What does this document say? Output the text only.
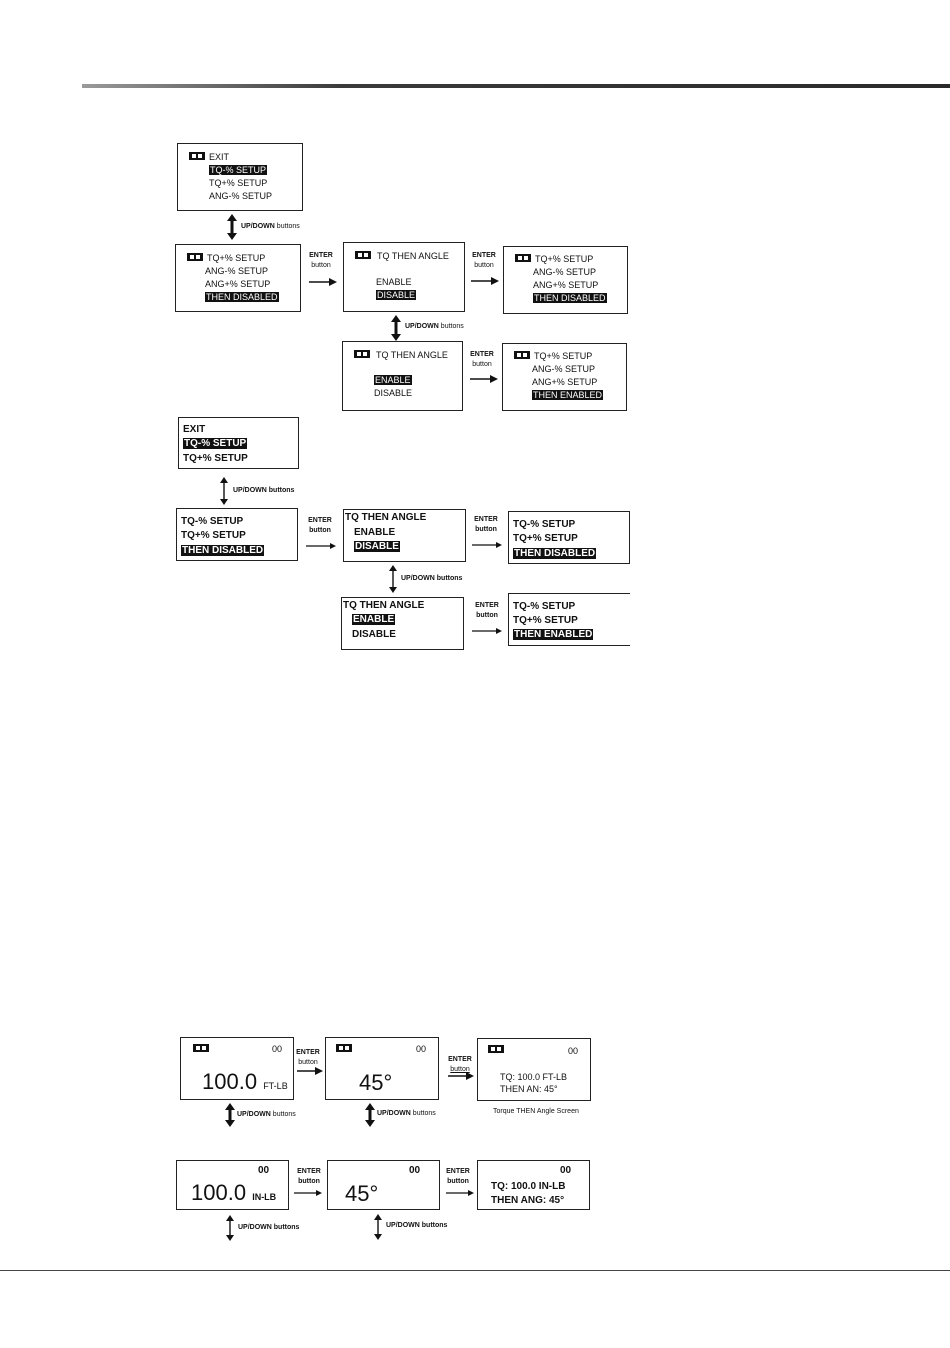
EXIT
TQ-% SETUP
TQ+% SETUP
ANG-% SETUP
UP/DOWN buttons
TQ+% SETUP
ANG-% SETUP
ANG+% SETUP
THEN DISABLED
ENTER
button
TQ THEN ANGLE
ENABLE
DISABLE
ENTER
button
TQ+% SETUP
ANG-% SETUP
ANG+% SETUP
THEN DISABLED
UP/DOWN buttons
TQ THEN ANGLE
ENABLE
DISABLE
ENTER
button
TQ+% SETUP
ANG-% SETUP
ANG+% SETUP
THEN ENABLED
EXIT
TQ-% SETUP
TQ+% SETUP
UP/DOWN buttons
TQ-% SETUP
TQ+% SETUP
THEN DISABLED
ENTER
button
TQ THEN ANGLE
ENABLE
DISABLE
ENTER
button	TQ-% SETUP
TQ+% SETUP
THEN DISABLED
UP/DOWN buttons
TQ THEN ANGLE
ENABLE
DISABLE
ENTER
button
TQ-% SETUP
TQ+% SETUP
THEN ENABLED
00
100.0 FT-LB
ENTER
button
00
45°
ENTER
button
00
TQ: 100.0 FT-LB
THEN AN: 45°
Torque THEN Angle Screen
UP/DOWN buttons	UP/DOWN buttons
00
100.0 IN-LB
ENTER
button
00
45°
ENTER
button
00
TQ: 100.0 IN-LB
THEN ANG: 45°
UP/DOWN buttons	UP/DOWN buttons
